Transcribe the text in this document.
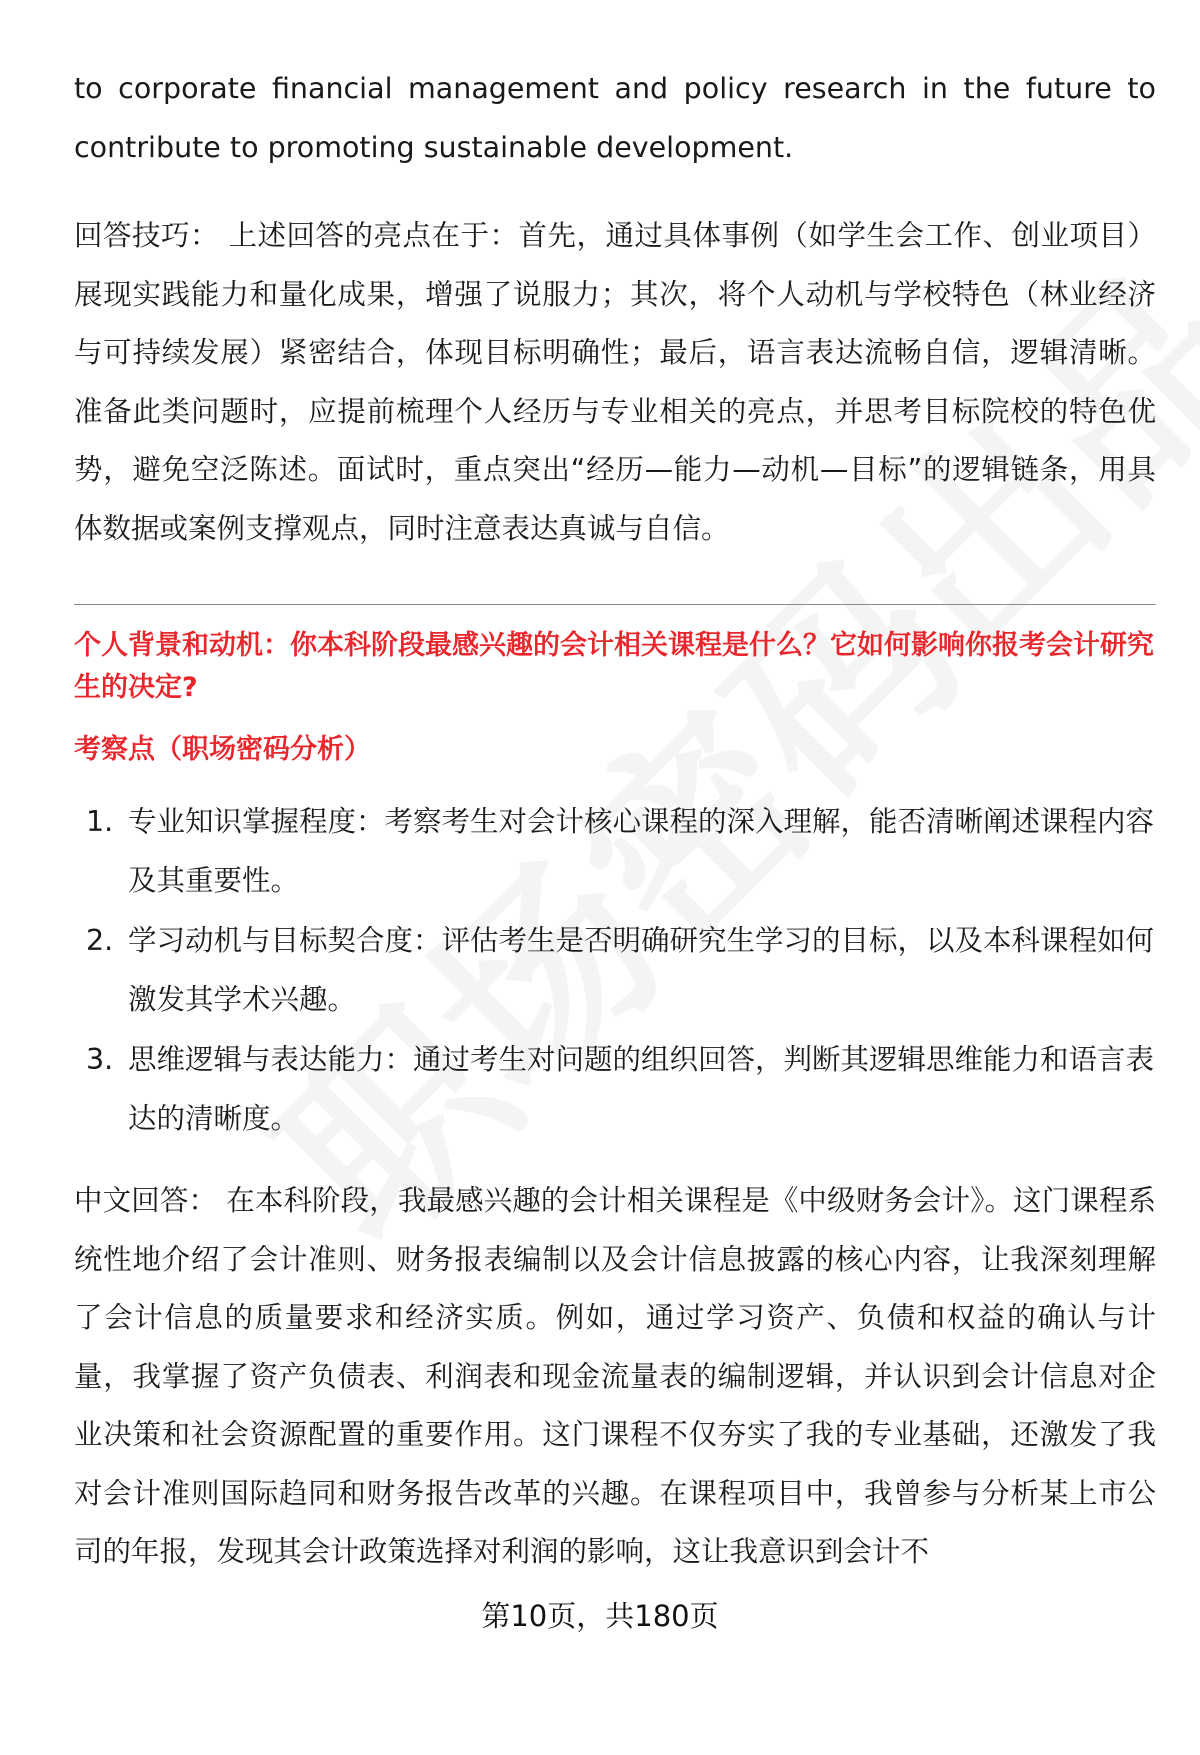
to corporate financial management and policy research in the future to contribute to promoting sustainable development.

回答技巧： 上述回答的亮点在于：首先，通过具体事例（如学生会工作、创业项目）展现实践能力和量化成果，增强了说服力；其次，将个人动机与学校特色（林业经济与可持续发展）紧密结合，体现目标明确性；最后，语言表达流畅自信，逻辑清晰。准备此类问题时，应提前梳理个人经历与专业相关的亮点，并思考目标院校的特色优势，避免空泛陈述。面试时，重点突出“经历—能力—动机—目标”的逻辑链条，用具体数据或案例支撑观点，同时注意表达真诚与自信。

个人背景和动机：你本科阶段最感兴趣的会计相关课程是什么？它如何影响你报考会计研究生的决定?

考察点（职场密码分析）

1. 专业知识掌握程度：考察考生对会计核心课程的深入理解，能否清晰阐述课程内容及其重要性。
2. 学习动机与目标契合度：评估考生是否明确研究生学习的目标，以及本科课程如何激发其学术兴趣。
3. 思维逻辑与表达能力：通过考生对问题的组织回答，判断其逻辑思维能力和语言表达的清晰度。

中文回答： 在本科阶段，我最感兴趣的会计相关课程是《中级财务会计》。这门课程系统性地介绍了会计准则、财务报表编制以及会计信息披露的核心内容，让我深刻理解了会计信息的质量要求和经济实质。例如，通过学习资产、负债和权益的确认与计量，我掌握了资产负债表、利润表和现金流量表的编制逻辑，并认识到会计信息对企业决策和社会资源配置的重要作用。这门课程不仅夯实了我的专业基础，还激发了我对会计准则国际趋同和财务报告改革的兴趣。在课程项目中，我曾参与分析某上市公司的年报，发现其会计政策选择对利润的影响，这让我意识到会计不

第10页，共180页
